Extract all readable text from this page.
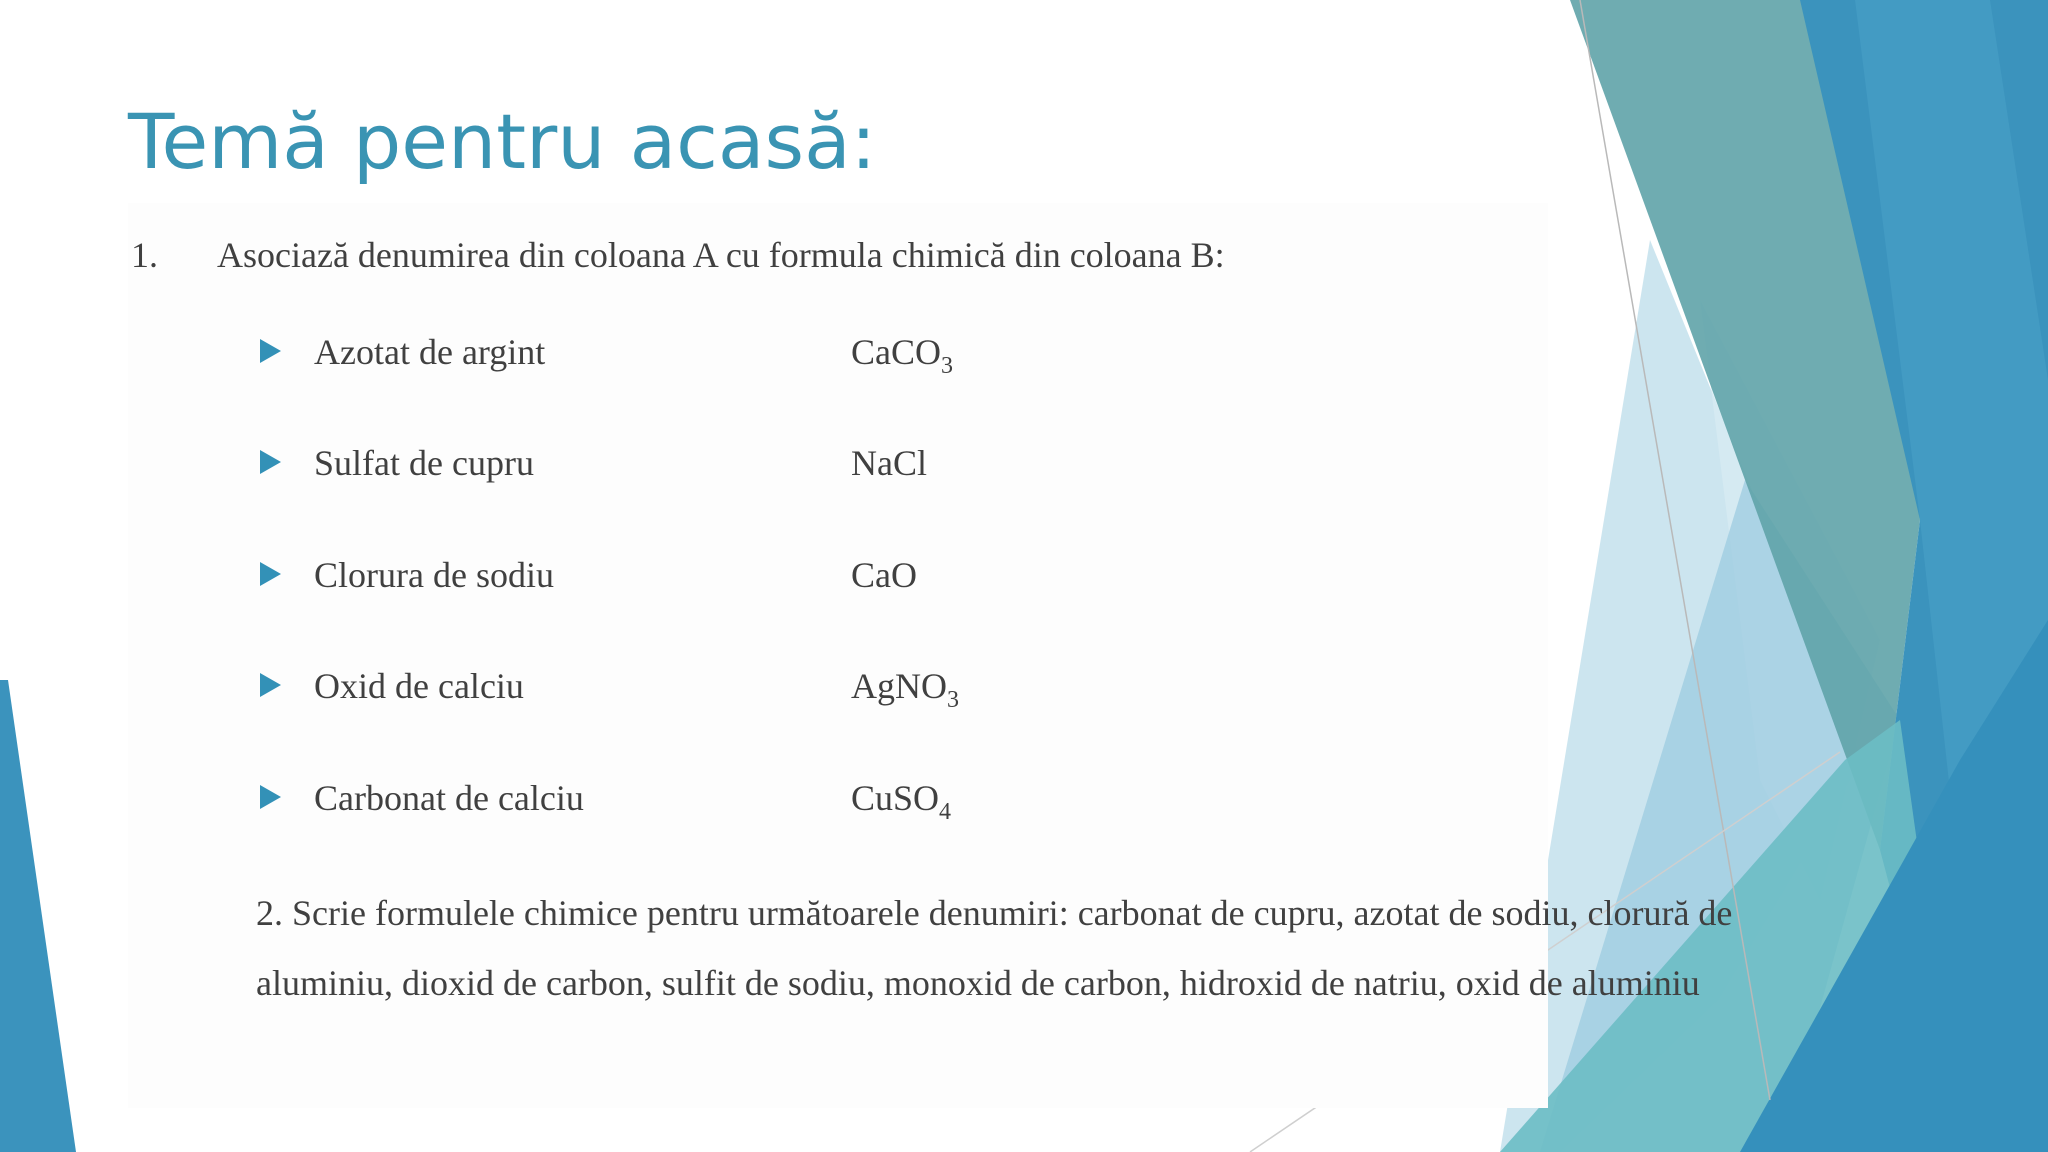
Temă pentru acasă:
1. Asociază denumirea din coloana A cu formula chimică din coloana B:
Azotat de argint	CaCO$_3$
Sulfat de cupru	NaCl
Clorura de sodiu	CaO
Oxid de calciu	AgNO$_3$
Carbonat de calciu	CuSO$_4$

2. Scrie formulele chimice pentru următoarele denumiri: carbonat de cupru, azotat de sodiu, clorură de aluminiu, dioxid de carbon, sulfit de sodiu, monoxid de carbon, hidroxid de natriu, oxid de aluminiu
